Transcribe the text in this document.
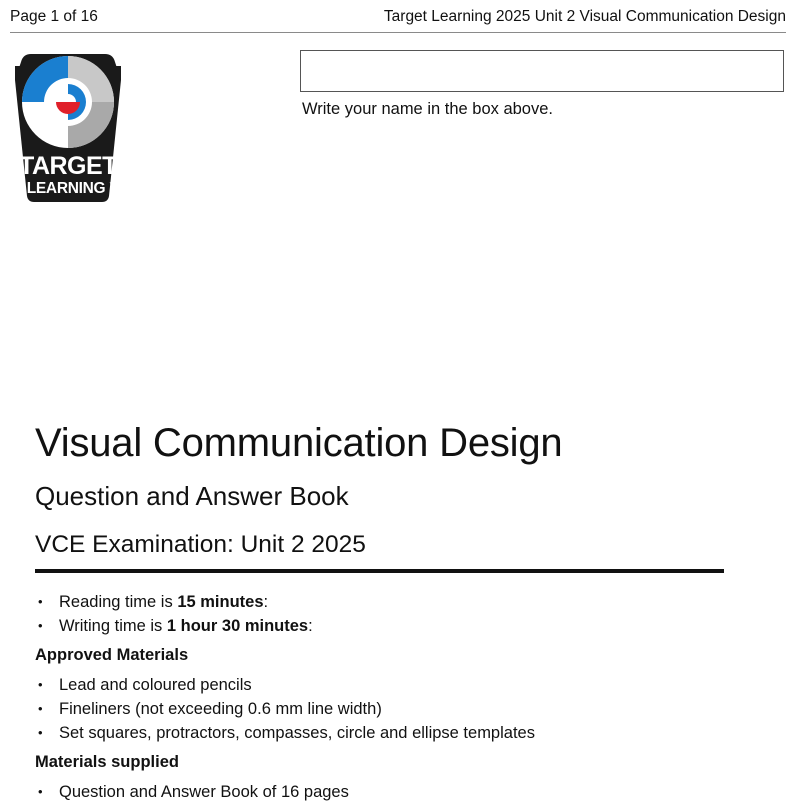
Page 1 of 16	Target Learning 2025 Unit 2 Visual Communication Design
TARGET
LEARNING ™
Write your name in the box above.
Visual Communication Design
Question and Answer Book
VCE Examination: Unit 2 2025
• Reading time is 15 minutes:
• Writing time is 1 hour 30 minutes:
Approved Materials
• Lead and coloured pencils
• Fineliners (not exceeding 0.6 mm line width)
• Set squares, protractors, compasses, circle and ellipse templates
Materials supplied
• Question and Answer Book of 16 pages
